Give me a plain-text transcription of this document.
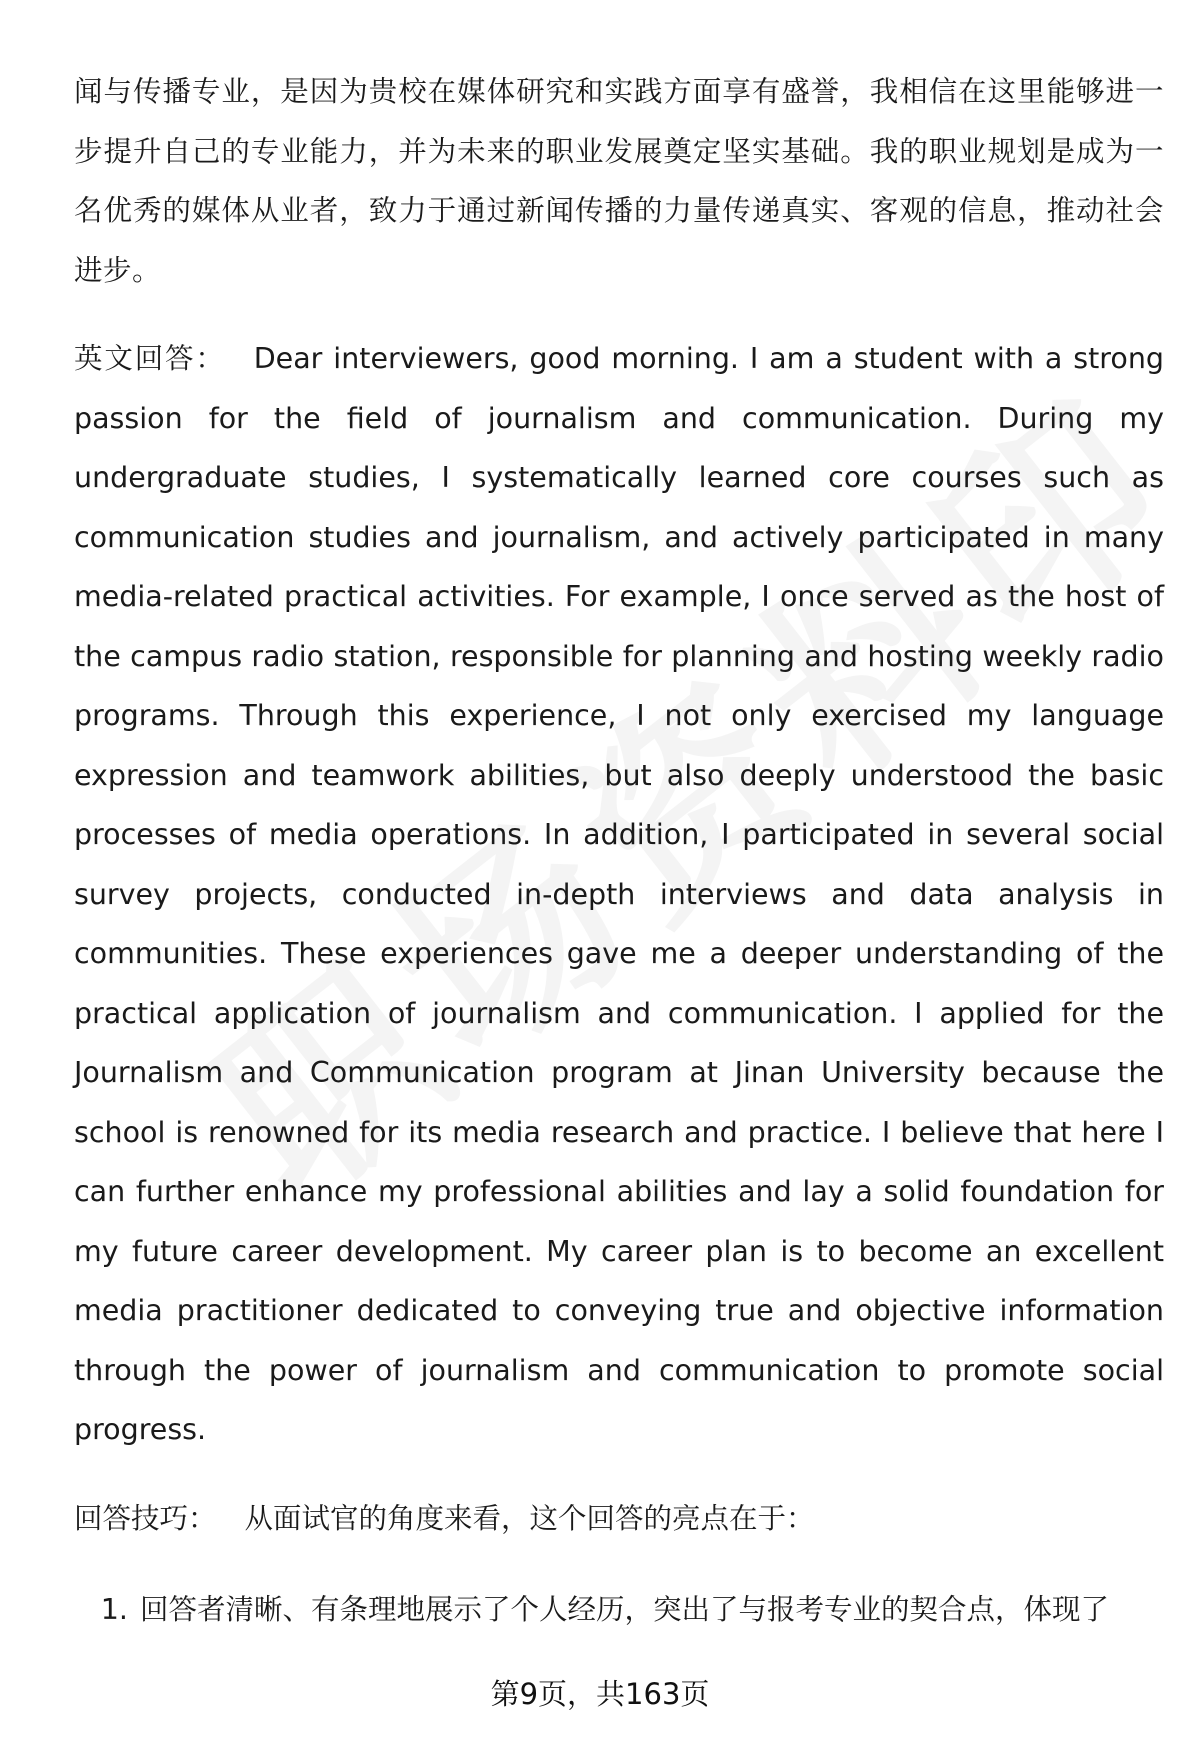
闻与传播专业，是因为贵校在媒体研究和实践方面享有盛誉，我相信在这里能够进一步提升自己的专业能力，并为未来的职业发展奠定坚实基础。我的职业规划是成为一名优秀的媒体从业者，致力于通过新闻传播的力量传递真实、客观的信息，推动社会进步。

英文回答： Dear interviewers, good morning. I am a student with a strong passion for the field of journalism and communication. During my undergraduate studies, I systematically learned core courses such as communication studies and journalism, and actively participated in many media-related practical activities. For example, I once served as the host of the campus radio station, responsible for planning and hosting weekly radio programs. Through this experience, I not only exercised my language expression and teamwork abilities, but also deeply understood the basic processes of media operations. In addition, I participated in several social survey projects, conducted in-depth interviews and data analysis in communities. These experiences gave me a deeper understanding of the practical application of journalism and communication. I applied for the Journalism and Communication program at Jinan University because the school is renowned for its media research and practice. I believe that here I can further enhance my professional abilities and lay a solid foundation for my future career development. My career plan is to become an excellent media practitioner dedicated to conveying true and objective information through the power of journalism and communication to promote social progress.

回答技巧： 从面试官的角度来看，这个回答的亮点在于：

1. 回答者清晰、有条理地展示了个人经历，突出了与报考专业的契合点，体现了
第9页，共163页
